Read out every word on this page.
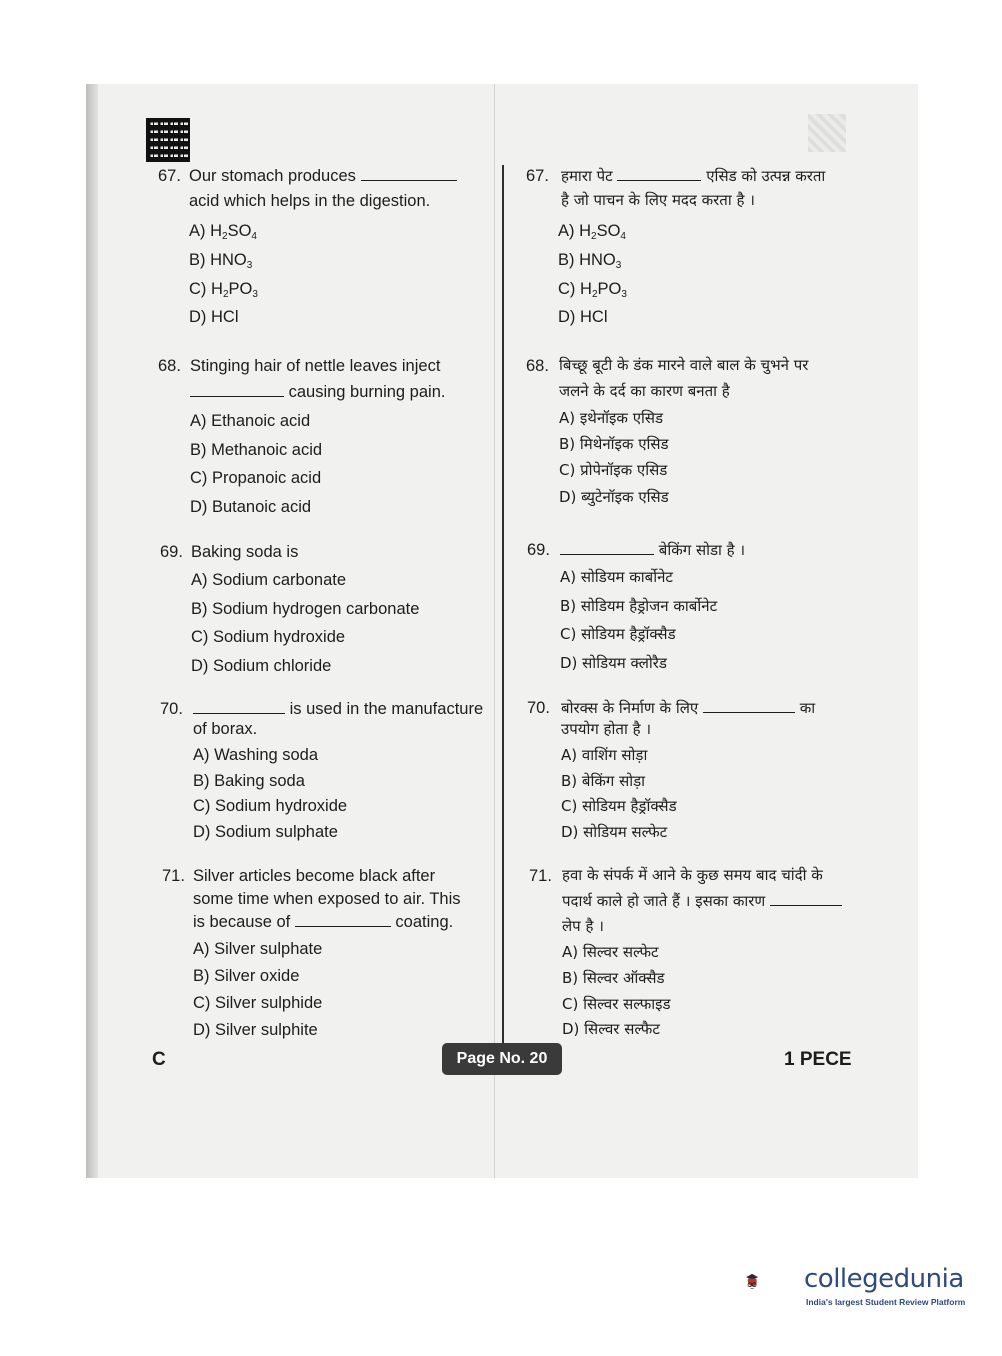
67. Our stomach produces
acid which helps in the digestion.
A) $H_2SO_4$
B) $HNO_3$
C) $H_2PO_3$
D) HCl
68. Stinging hair of nettle leaves inject
causing burning pain.
A) Ethanoic acid
B) Methanoic acid
C) Propanoic acid
D) Butanoic acid
69. Baking soda is
A) Sodium carbonate
B) Sodium hydrogen carbonate
C) Sodium hydroxide
D) Sodium chloride
70.	is used in the manufacture
of borax.
A) Washing soda
B) Baking soda
C) Sodium hydroxide
D) Sodium sulphate
71. Silver articles become black after
some time when exposed to air. This
is because of	coating.
A) Silver sulphate
B) Silver oxide
C) Silver sulphide
D) Silver sulphite
67. हमारा पेट	एसिड को उत्पन्न करता
है जो पाचन के लिए मदद करता है ।
A) $H_2SO_4$
B) $HNO_3$
C) $H_2PO_3$
D) HCl
68. बिच्छू बूटी के डंक मारने वाले बाल के चुभने पर
जलने के दर्द का कारण बनता है
A) इथेनॉइक एसिड
B) मिथेनॉइक एसिड
C) प्रोपेनॉइक एसिड
D) ब्युटेनॉइक एसिड
69.	बेकिंग सोडा है ।
A) सोडियम कार्बोनेट
B) सोडियम हैड्रोजन कार्बोनेट
C) सोडियम हैड्रॉक्सैड
D) सोडियम क्लोरैड
70. बोरक्स के निर्माण के लिए	का
उपयोग होता है ।
A) वाशिंग सोड़ा
B) बेकिंग सोड़ा
C) सोडियम हैड्रॉक्सैड
D) सोडियम सल्फेट
71. हवा के संपर्क में आने के कुछ समय बाद चांदी के
पदार्थ काले हो जाते हैं । इसका कारण
लेप है ।
A) सिल्वर सल्फेट
B) सिल्वर ऑक्सैड
C) सिल्वर सल्फाइड
D) सिल्वर सल्फैट
C	Page No. 20	1 PECE
collegedunia
India's largest Student Review Platform
